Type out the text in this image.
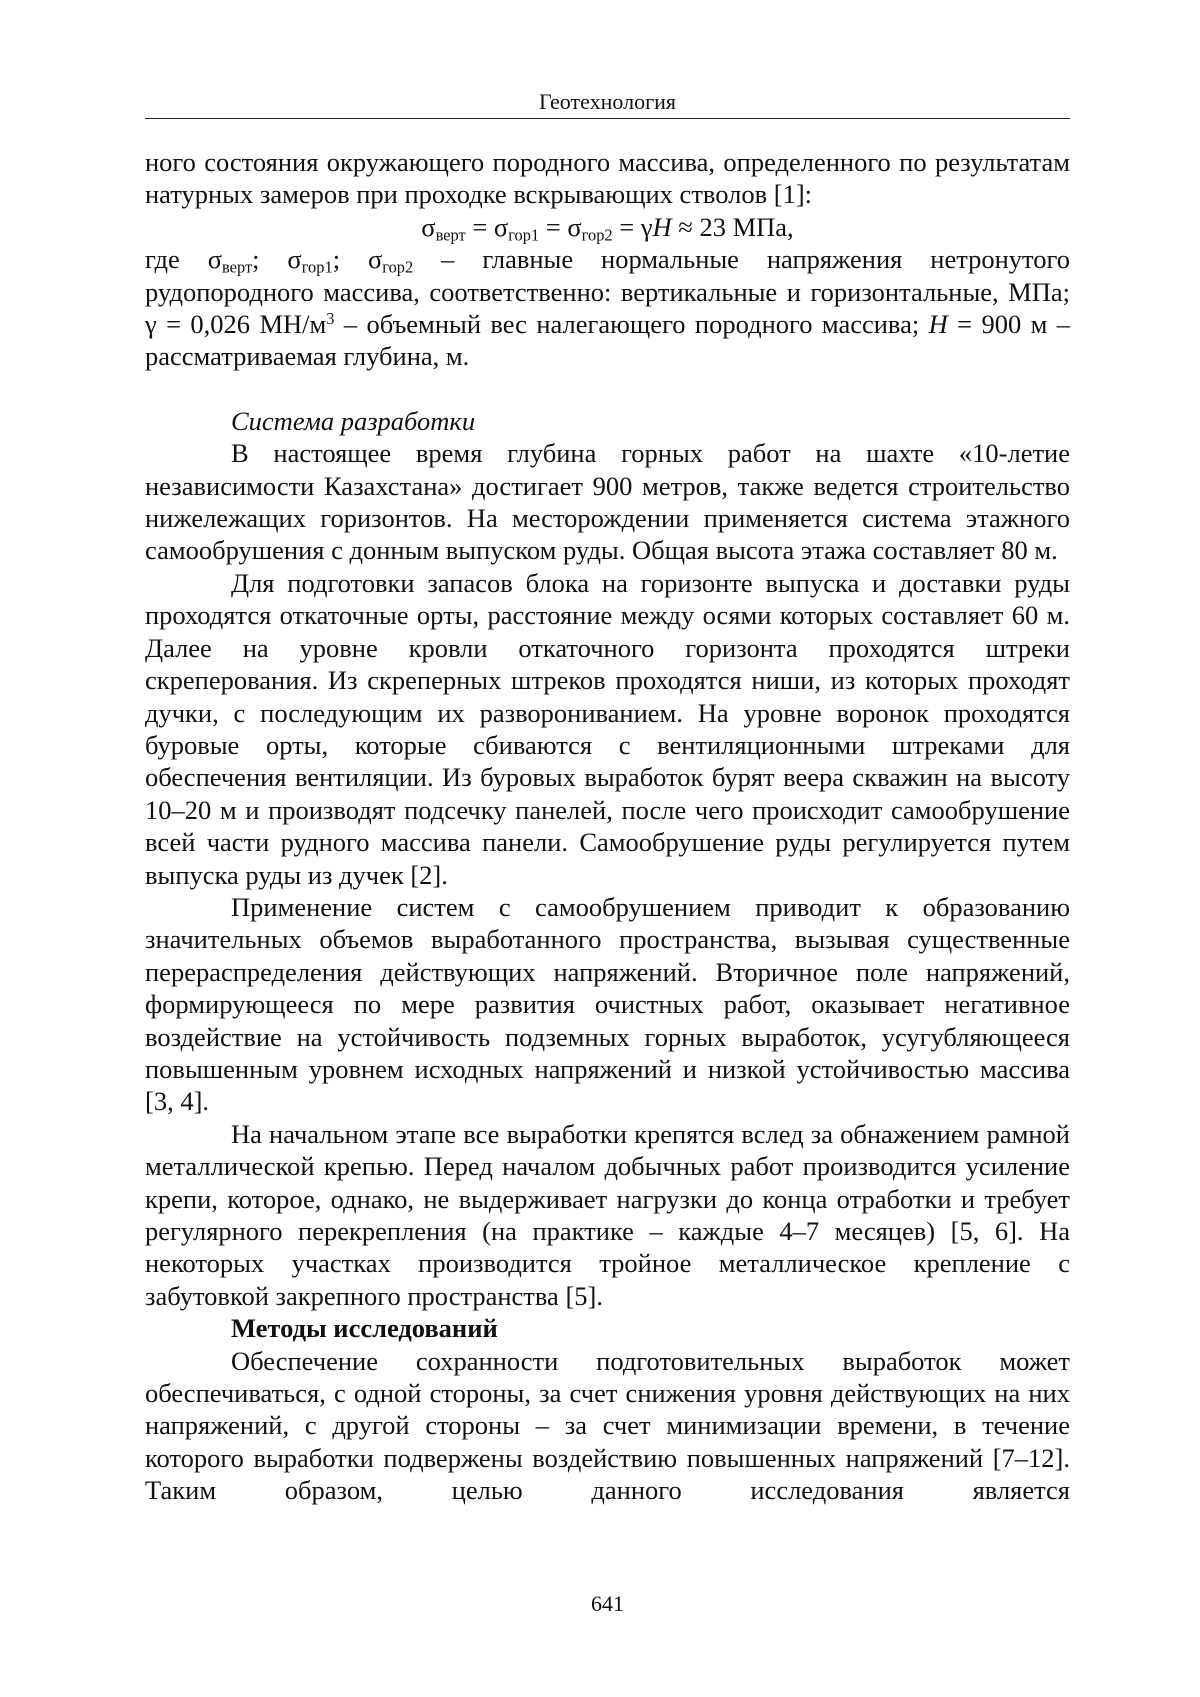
Геотехнология

ного состояния окружающего породного массива, определенного по результатам натурных замеров при проходке вскрывающих стволов [1]:

$\sigma_{верт} = \sigma_{гор1} = \sigma_{гор2} = \gamma H \approx 23$ МПа,

где $\sigma_{верт}$; $\sigma_{гор1}$; $\sigma_{гор2}$ – главные нормальные напряжения нетронутого рудопородного массива, соответственно: вертикальные и горизонтальные, МПа; γ = 0,026 $МН/м^3$ – объемный вес налегающего породного массива; H = 900 м – рассматриваемая глубина, м.

Система разработки

В настоящее время глубина горных работ на шахте «10-летие независимости Казахстана» достигает 900 метров, также ведется строительство нижележащих горизонтов. На месторождении применяется система этажного самообрушения с донным выпуском руды. Общая высота этажа составляет 80 м.

Для подготовки запасов блока на горизонте выпуска и доставки руды проходятся откаточные орты, расстояние между осями которых составляет 60 м. Далее на уровне кровли откаточного горизонта проходятся штреки скреперования. Из скреперных штреков проходятся ниши, из которых проходят дучки, с последующим их разворониванием. На уровне воронок проходятся буровые орты, которые сбиваются с вентиляционными штреками для обеспечения вентиляции. Из буровых выработок бурят веера скважин на высоту 10–20 м и производят подсечку панелей, после чего происходит самообрушение всей части рудного массива панели. Самообрушение руды регулируется путем выпуска руды из дучек [2].

Применение систем с самообрушением приводит к образованию значительных объемов выработанного пространства, вызывая существенные перераспределения действующих напряжений. Вторичное поле напряжений, формирующееся по мере развития очистных работ, оказывает негативное воздействие на устойчивость подземных горных выработок, усугубляющееся повышенным уровнем исходных напряжений и низкой устойчивостью массива [3, 4].

На начальном этапе все выработки крепятся вслед за обнажением рамной металлической крепью. Перед началом добычных работ производится усиление крепи, которое, однако, не выдерживает нагрузки до конца отработки и требует регулярного перекрепления (на практике – каждые 4–7 месяцев) [5, 6]. На некоторых участках производится тройное металлическое крепление с забутовкой закрепного пространства [5].

Методы исследований

Обеспечение сохранности подготовительных выработок может обеспечиваться, с одной стороны, за счет снижения уровня действующих на них напряжений, с другой стороны – за счет минимизации времени, в течение которого выработки подвержены воздействию повышенных напряжений [7–12]. Таким образом, целью данного исследования является

641
